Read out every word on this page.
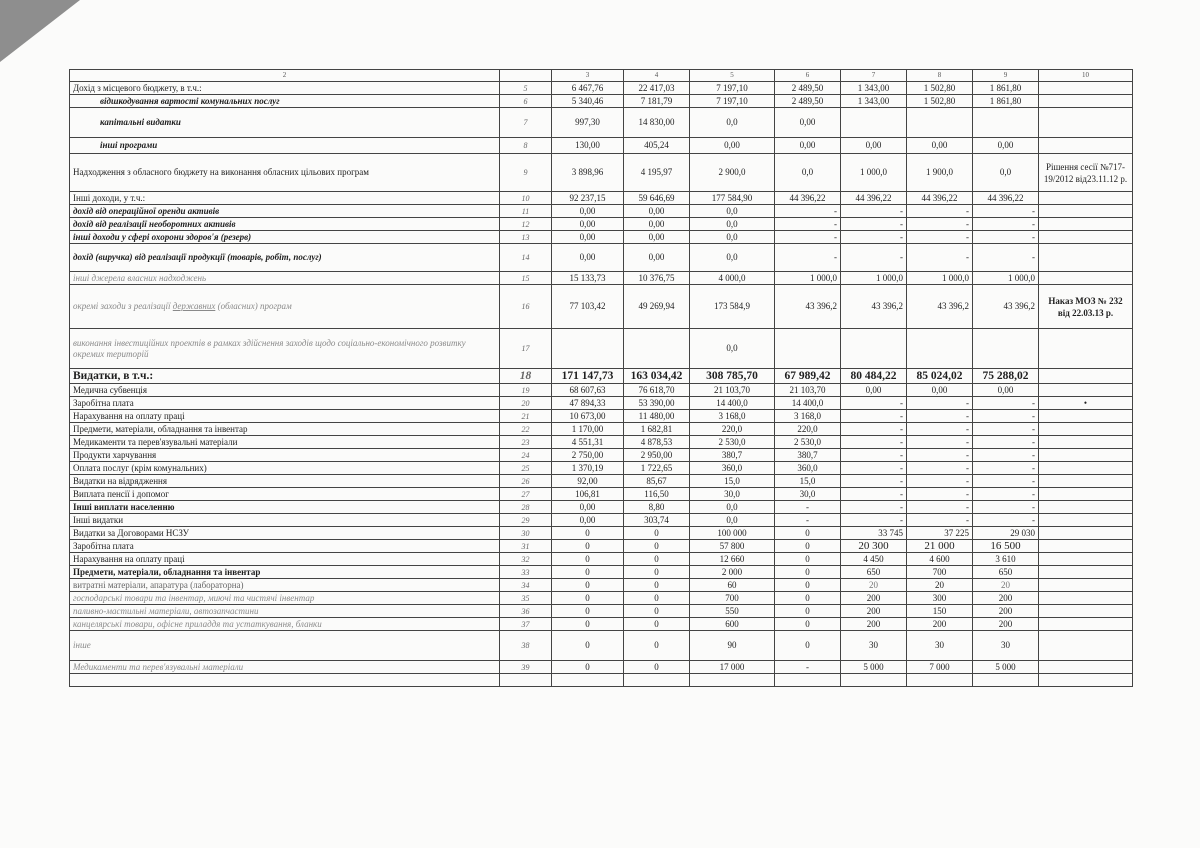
2		3	4	5	6	7	8	9	10
Дохід з місцевого бюджету, в т.ч.:	5	6 467,76	22 417,03	7 197,10	2 489,50	1 343,00	1 502,80	1 861,80	
відшкодування вартості комунальних послуг	6	5 340,46	7 181,79	7 197,10	2 489,50	1 343,00	1 502,80	1 861,80	
капітальні видатки	7	997,30	14 830,00	0,0	0,00				
інші програми	8	130,00	405,24	0,00	0,00	0,00	0,00	0,00	
Надходження з обласного бюджету на виконання обласних цільових програм	9	3 898,96	4 195,97	2 900,0	0,0	1 000,0	1 900,0	0,0	Рішення сесії №717-19/2012 від23.11.12 р.
Інші доходи, у т.ч.:	10	92 237,15	59 646,69	177 584,90	44 396,22	44 396,22	44 396,22	44 396,22	
дохід від операційної оренди активів	11	0,00	0,00	0,0	-	-	-	-	
дохід від реалізації необоротних активів	12	0,00	0,00	0,0	-	-	-	-	
інші доходи у сфері охорони здоров'я (резерв)	13	0,00	0,00	0,0	-	-	-	-	
дохід (виручка) від реалізації продукції (товарів, робіт, послуг)	14	0,00	0,00	0,0	-	-	-	-	
інші джерела власних надходжень	15	15 133,73	10 376,75	4 000,0	1 000,0	1 000,0	1 000,0	1 000,0	
окремі заходи з реалізації державних (обласних) програм	16	77 103,42	49 269,94	173 584,9	43 396,2	43 396,2	43 396,2	43 396,2	Наказ МОЗ № 232 від 22.03.13 р.
виконання інвестиційних проектів в рамках здійснення заходів щодо соціально-економічного розвитку окремих територій	17			0,0					
Видатки, в т.ч.:	18	171 147,73	163 034,42	308 785,70	67 989,42	80 484,22	85 024,02	75 288,02	
Медична субвенція	19	68 607,63	76 618,70	21 103,70	21 103,70	0,00	0,00	0,00	
Заробітна плата	20	47 894,33	53 390,00	14 400,0	14 400,0	-	-	-	•
Нарахування на оплату праці	21	10 673,00	11 480,00	3 168,0	3 168,0	-	-	-	
Предмети, матеріали, обладнання та інвентар	22	1 170,00	1 682,81	220,0	220,0	-	-	-	
Медикаменти та перев'язувальні матеріали	23	4 551,31	4 878,53	2 530,0	2 530,0	-	-	-	
Продукти харчування	24	2 750,00	2 950,00	380,7	380,7	-	-	-	
Оплата послуг (крім комунальних)	25	1 370,19	1 722,65	360,0	360,0	-	-	-	
Видатки на відрядження	26	92,00	85,67	15,0	15,0	-	-	-	
Виплата пенсії і допомог	27	106,81	116,50	30,0	30,0	-	-	-	
Інші виплати населенню	28	0,00	8,80	0,0	-	-	-	-	
Інші видатки	29	0,00	303,74	0,0	-	-	-	-	
Видатки за Договорами НСЗУ	30	0	0	100 000	0	33 745	37 225	29 030	
Заробітна плата	31	0	0	57 800	0	20 300	21 000	16 500	
Нарахування на оплату праці	32	0	0	12 660	0	4 450	4 600	3 610	
Предмети, матеріали, обладнання та інвентар	33	0	0	2 000	0	650	700	650	
витратні матеріали, апаратура (лабораторна)	34	0	0	60	0	20	20	20	
господарські товари та інвентар, миючі та чистячі інвентар	35	0	0	700	0	200	300	200	
паливно-мастильні матеріали, автозапчастини	36	0	0	550	0	200	150	200	
канцелярські товари, офісне приладдя та устаткування, бланки	37	0	0	600	0	200	200	200	
інше	38	0	0	90	0	30	30	30	
Медикаменти та перев'язувальні матеріали	39	0	0	17 000	-	5 000	7 000	5 000	
